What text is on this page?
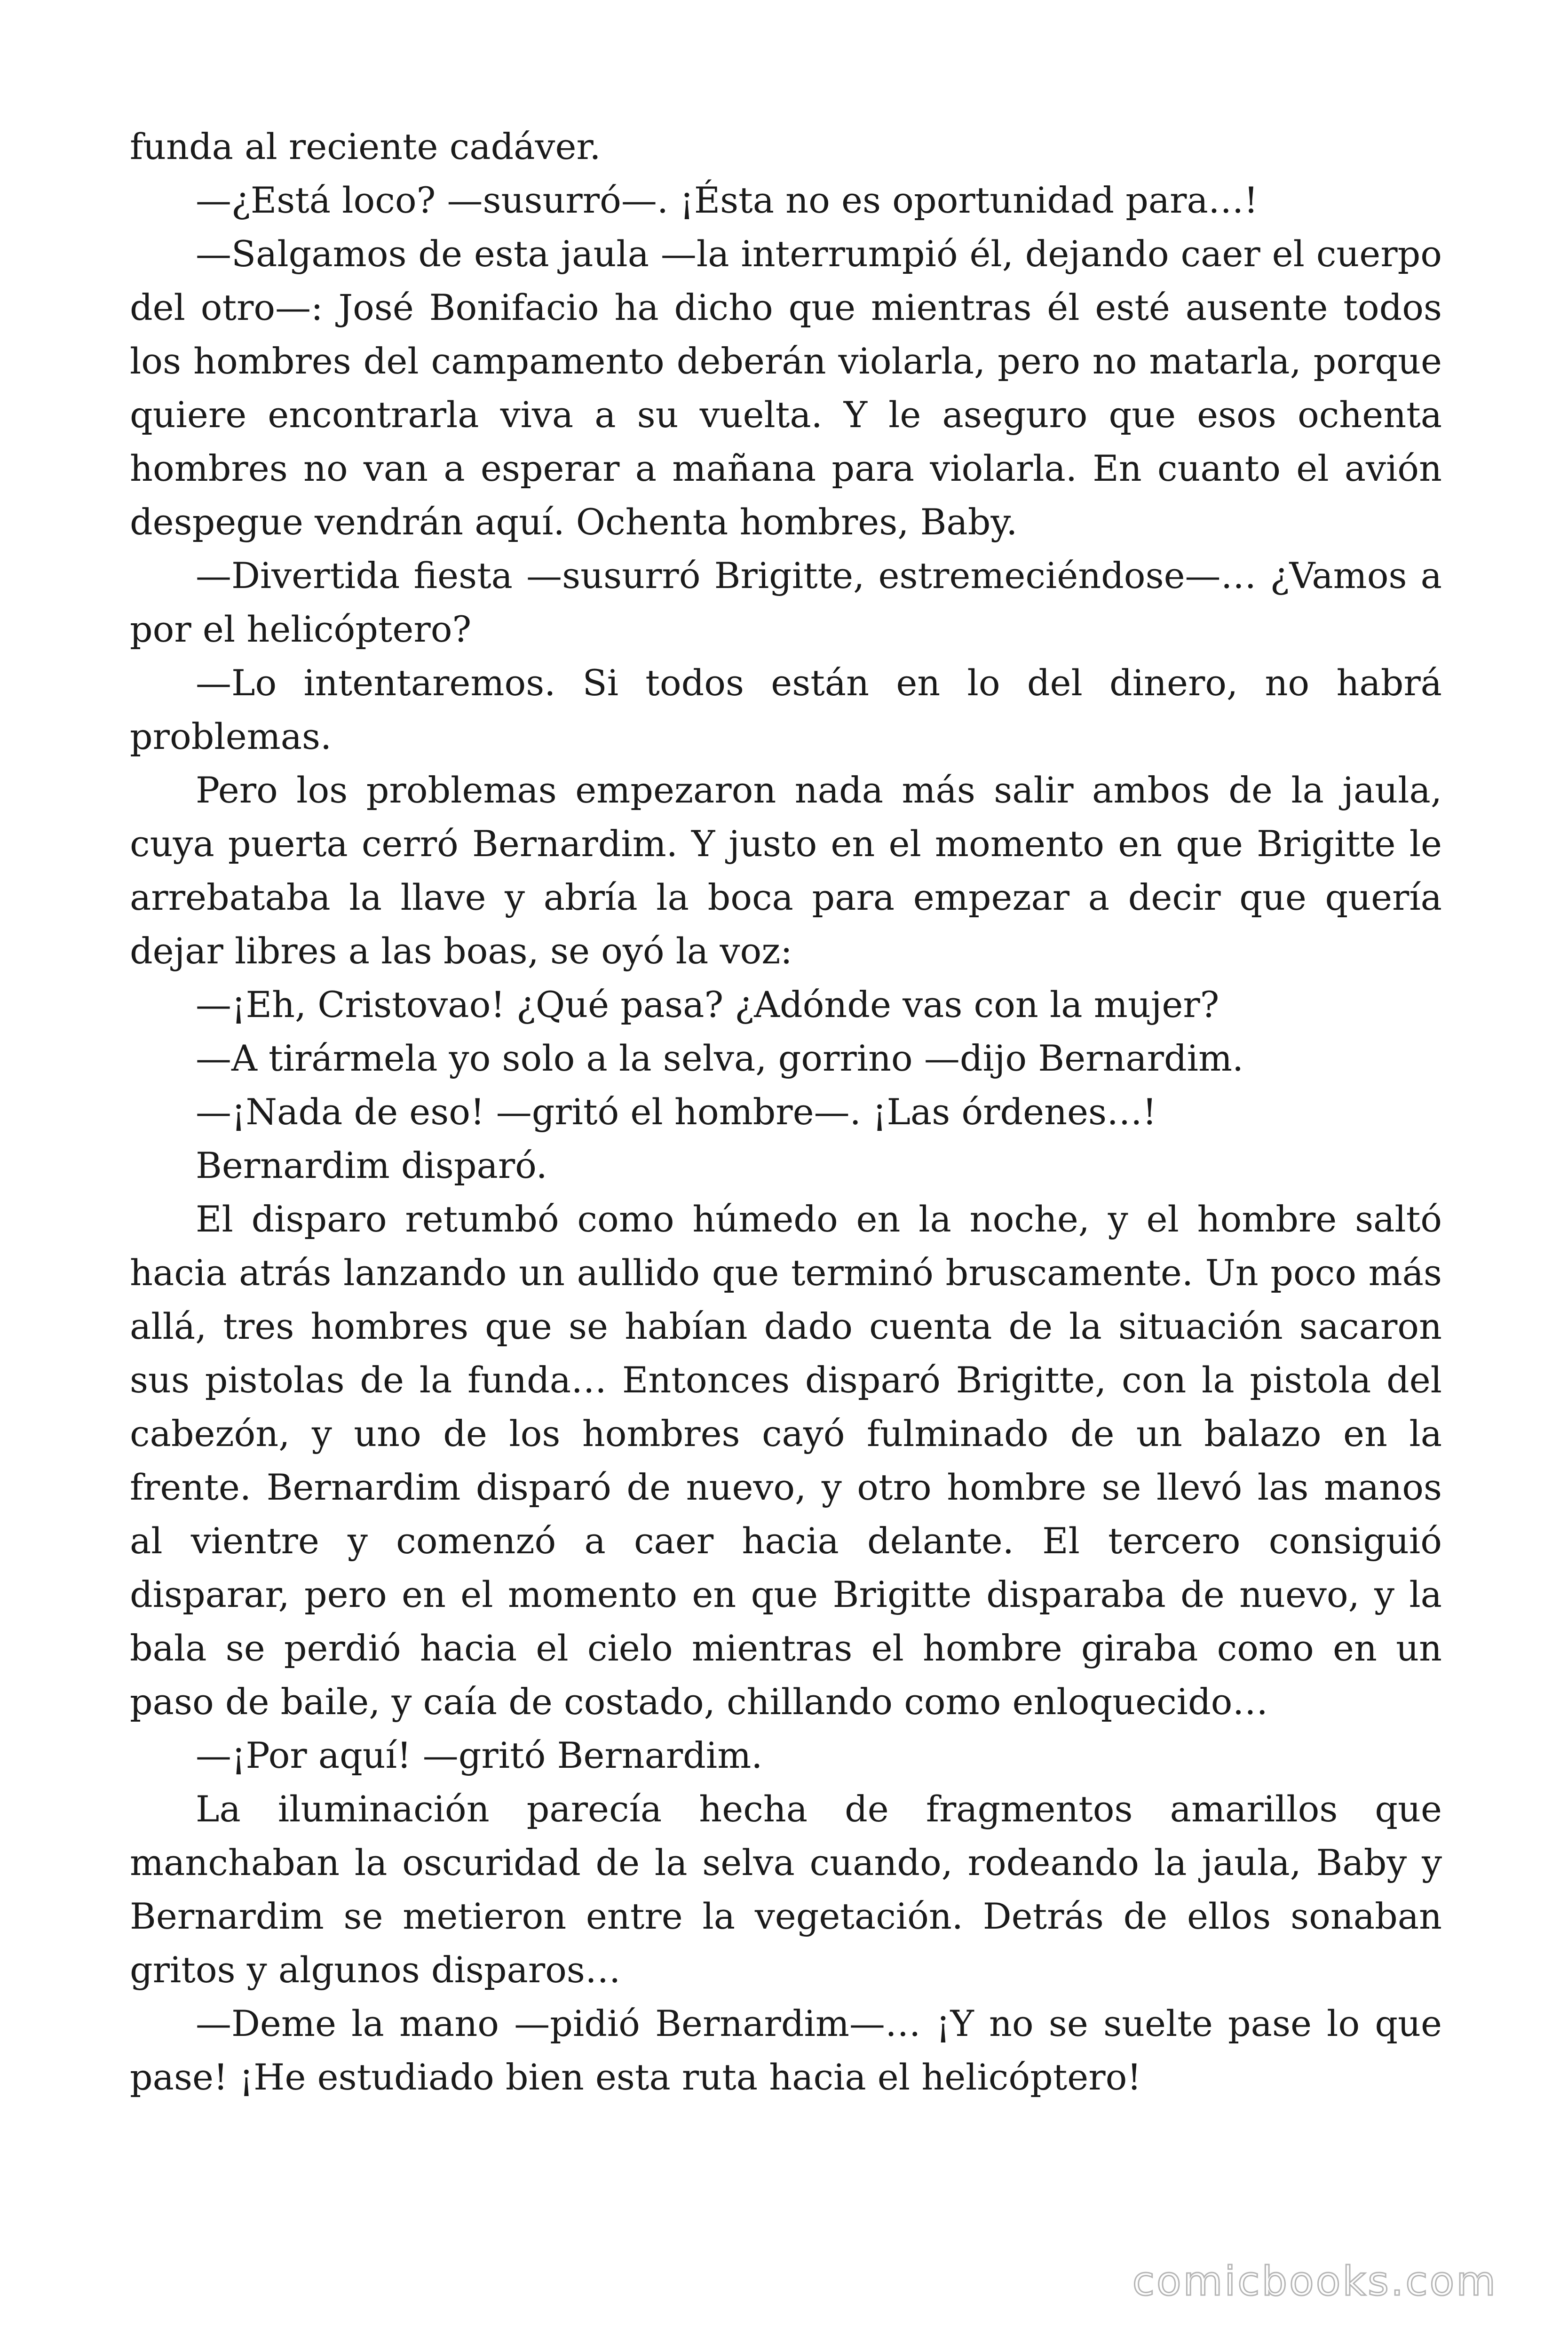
funda al reciente cadáver.

—¿Está loco? —susurró—. ¡Ésta no es oportunidad para…!

—Salgamos de esta jaula —la interrumpió él, dejando caer el cuerpo del otro—: José Bonifacio ha dicho que mientras él esté ausente todos los hombres del campamento deberán violarla, pero no matarla, porque quiere encontrarla viva a su vuelta. Y le aseguro que esos ochenta hombres no van a esperar a mañana para violarla. En cuanto el avión despegue vendrán aquí. Ochenta hombres, Baby.

—Divertida fiesta —susurró Brigitte, estremeciéndose—… ¿Vamos a por el helicóptero?

—Lo intentaremos. Si todos están en lo del dinero, no habrá problemas.

Pero los problemas empezaron nada más salir ambos de la jaula, cuya puerta cerró Bernardim. Y justo en el momento en que Brigitte le arrebataba la llave y abría la boca para empezar a decir que quería dejar libres a las boas, se oyó la voz:

—¡Eh, Cristovao! ¿Qué pasa? ¿Adónde vas con la mujer?

—A tirármela yo solo a la selva, gorrino —dijo Bernardim.

—¡Nada de eso! —gritó el hombre—. ¡Las órdenes…!

Bernardim disparó.

El disparo retumbó como húmedo en la noche, y el hombre saltó hacia atrás lanzando un aullido que terminó bruscamente. Un poco más allá, tres hombres que se habían dado cuenta de la situación sacaron sus pistolas de la funda… Entonces disparó Brigitte, con la pistola del cabezón, y uno de los hombres cayó fulminado de un balazo en la frente. Bernardim disparó de nuevo, y otro hombre se llevó las manos al vientre y comenzó a caer hacia delante. El tercero consiguió disparar, pero en el momento en que Brigitte disparaba de nuevo, y la bala se perdió hacia el cielo mientras el hombre giraba como en un paso de baile, y caía de costado, chillando como enloquecido…

—¡Por aquí! —gritó Bernardim.

La iluminación parecía hecha de fragmentos amarillos que manchaban la oscuridad de la selva cuando, rodeando la jaula, Baby y Bernardim se metieron entre la vegetación. Detrás de ellos sonaban gritos y algunos disparos…

—Deme la mano —pidió Bernardim—… ¡Y no se suelte pase lo que pase! ¡He estudiado bien esta ruta hacia el helicóptero!

comicbooks.com
